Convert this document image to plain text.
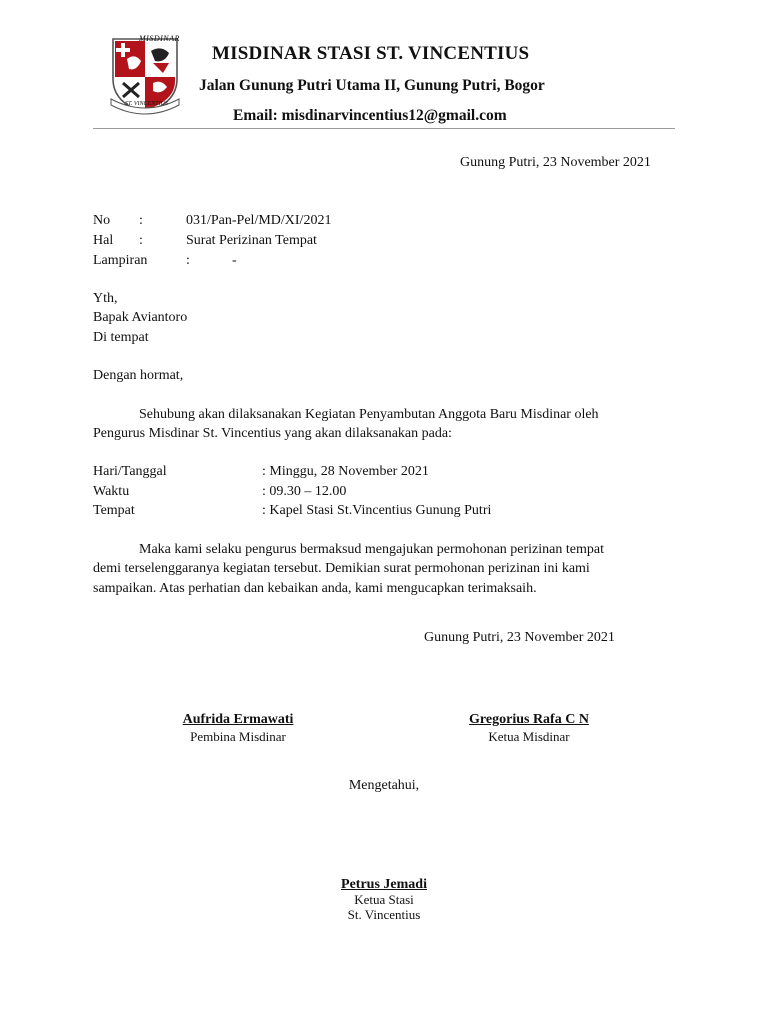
MISDINAR
ST. VINCENTIUS
MISDINAR STASI ST. VINCENTIUS
Jalan Gunung Putri Utama II, Gunung Putri, Bogor
Email: misdinarvincentius12@gmail.com
Gunung Putri, 23 November 2021
No :	031/Pan-Pel/MD/XI/2021
Hal :	Surat Perizinan Tempat
Lampiran	:	-
Yth,
Bapak Aviantoro
Di tempat
Dengan hormat,
Sehubung akan dilaksanakan Kegiatan Penyambutan Anggota Baru Misdinar oleh
Pengurus Misdinar St. Vincentius yang akan dilaksanakan pada:
Hari/Tanggal	: Minggu, 28 November 2021
Waktu	: 09.30 – 12.00
Tempat	: Kapel Stasi St.Vincentius Gunung Putri
Maka kami selaku pengurus bermaksud mengajukan permohonan perizinan tempat
demi terselenggaranya kegiatan tersebut. Demikian surat permohonan perizinan ini kami
sampaikan. Atas perhatian dan kebaikan anda, kami mengucapkan terimaksaih.
Gunung Putri, 23 November 2021
Aufrida Ermawati
Pembina Misdinar
Gregorius Rafa C N
Ketua Misdinar
Mengetahui,
Petrus Jemadi
Ketua Stasi
St. Vincentius
